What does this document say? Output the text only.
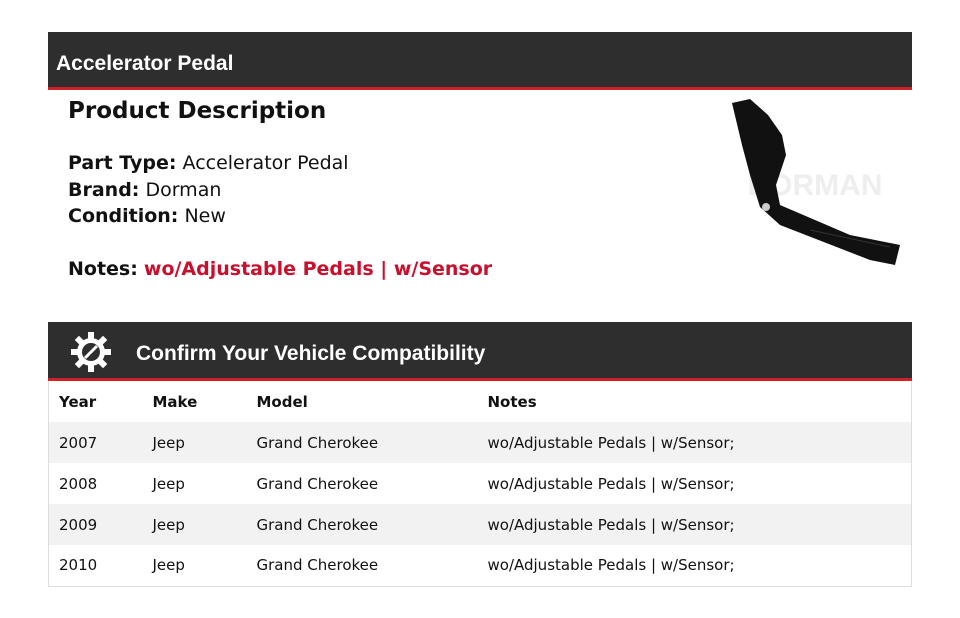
Accelerator Pedal
Product Description
Part Type: Accelerator Pedal
Brand: Dorman
Condition: New
Notes: wo/Adjustable Pedals | w/Sensor
DORMAN
Confirm Your Vehicle Compatibility
Year	Make	Model	Notes
2007	Jeep	Grand Cherokee	wo/Adjustable Pedals | w/Sensor;
2008	Jeep	Grand Cherokee	wo/Adjustable Pedals | w/Sensor;
2009	Jeep	Grand Cherokee	wo/Adjustable Pedals | w/Sensor;
2010	Jeep	Grand Cherokee	wo/Adjustable Pedals | w/Sensor;
